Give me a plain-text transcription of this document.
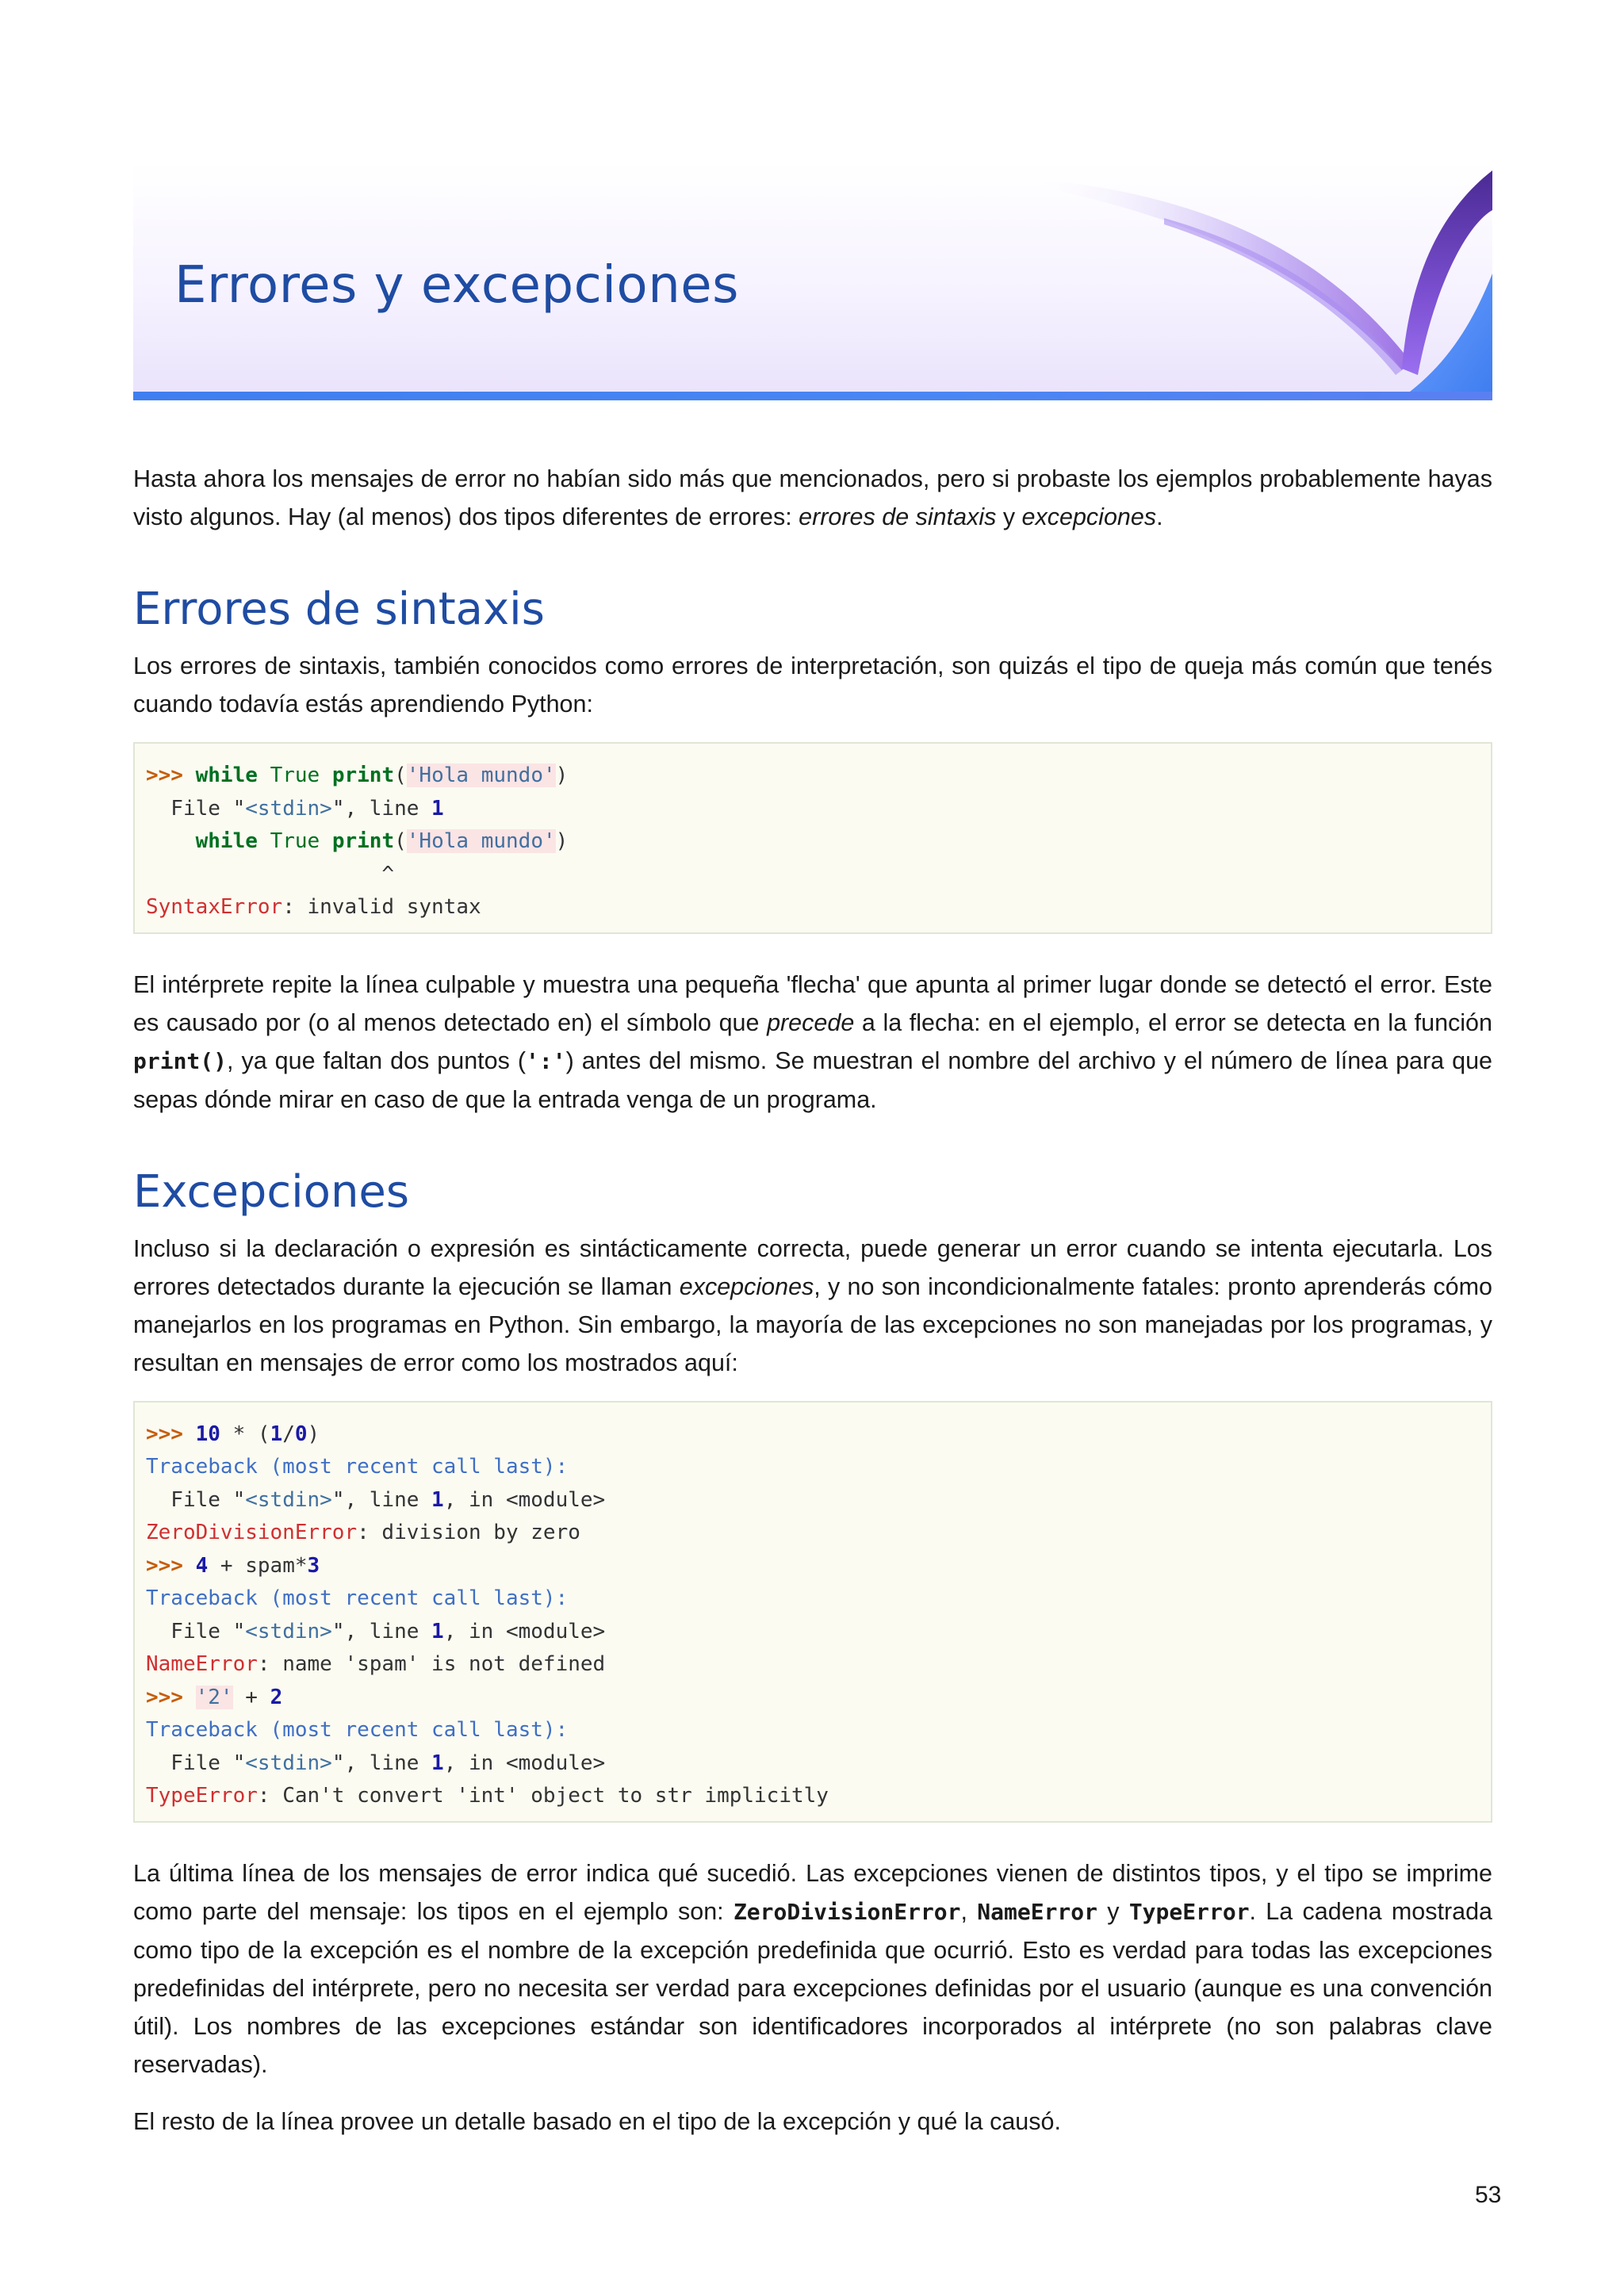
Errores y excepciones

Hasta ahora los mensajes de error no habían sido más que mencionados, pero si probaste los ejemplos probablemente hayas visto algunos. Hay (al menos) dos tipos diferentes de errores: errores de sintaxis y excepciones.

Errores de sintaxis

Los errores de sintaxis, también conocidos como errores de interpretación, son quizás el tipo de queja más común que tenés cuando todavía estás aprendiendo Python:

>>> while True print('Hola mundo')
File "<stdin>", line 1
while True print('Hola mundo')
^
SyntaxError: invalid syntax

El intérprete repite la línea culpable y muestra una pequeña 'flecha' que apunta al primer lugar donde se detectó el error. Este es causado por (o al menos detectado en) el símbolo que precede a la flecha: en el ejemplo, el error se detecta en la función print(), ya que faltan dos puntos (':') antes del mismo. Se muestran el nombre del archivo y el número de línea para que sepas dónde mirar en caso de que la entrada venga de un programa.

Excepciones

Incluso si la declaración o expresión es sintácticamente correcta, puede generar un error cuando se intenta ejecutarla. Los errores detectados durante la ejecución se llaman excepciones, y no son incondicionalmente fatales: pronto aprenderás cómo manejarlos en los programas en Python. Sin embargo, la mayoría de las excepciones no son manejadas por los programas, y resultan en mensajes de error como los mostrados aquí:

>>> 10 * (1/0)
Traceback (most recent call last):
File "<stdin>", line 1, in <module>
ZeroDivisionError: division by zero
>>> 4 + spam*3
Traceback (most recent call last):
File "<stdin>", line 1, in <module>
NameError: name 'spam' is not defined
>>> '2' + 2
Traceback (most recent call last):
File "<stdin>", line 1, in <module>
TypeError: Can't convert 'int' object to str implicitly

La última línea de los mensajes de error indica qué sucedió. Las excepciones vienen de distintos tipos, y el tipo se imprime como parte del mensaje: los tipos en el ejemplo son: ZeroDivisionError, NameError y TypeError. La cadena mostrada como tipo de la excepción es el nombre de la excepción predefinida que ocurrió. Esto es verdad para todas las excepciones predefinidas del intérprete, pero no necesita ser verdad para excepciones definidas por el usuario (aunque es una convención útil). Los nombres de las excepciones estándar son identificadores incorporados al intérprete (no son palabras clave reservadas).

El resto de la línea provee un detalle basado en el tipo de la excepción y qué la causó.

53
